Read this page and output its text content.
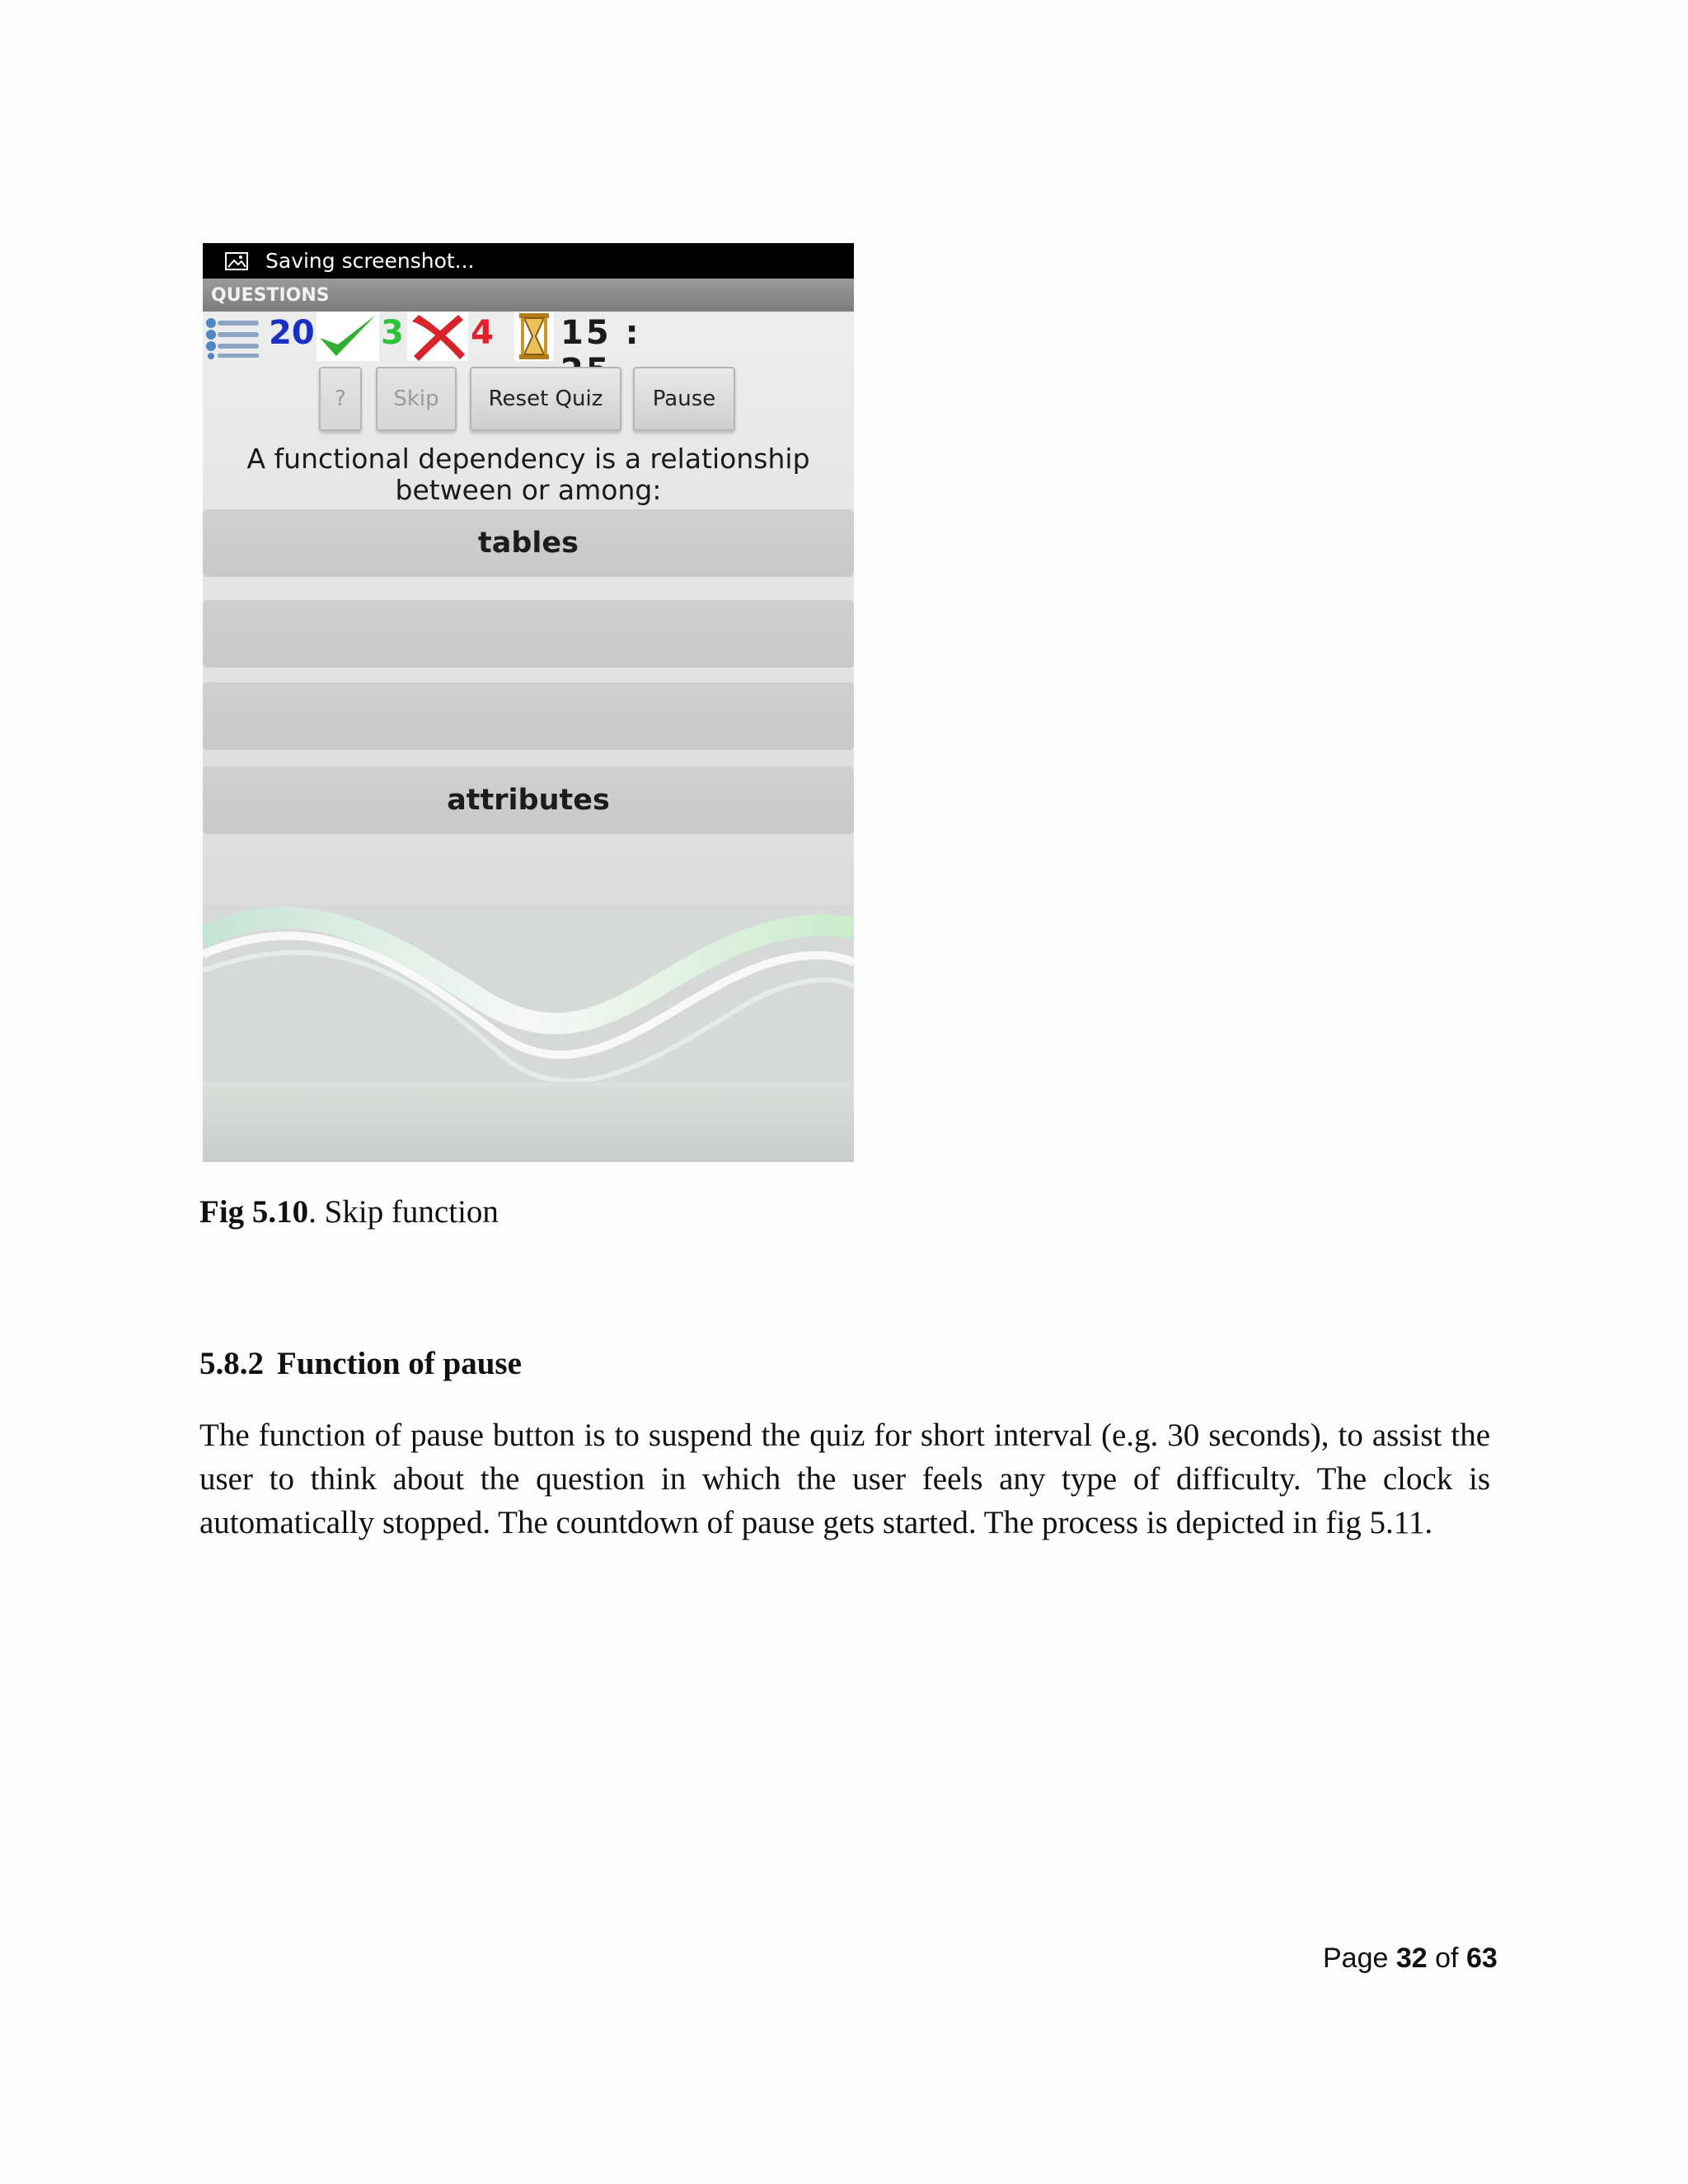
Saving screenshot...
QUESTIONS
20 3 4 15 :
?	Skip	Reset Quiz	Pause
A functional dependency is a relationship
between or among:
tables
attributes
Fig 5.10. Skip function
5.8.2 Function of pause
The function of pause button is to suspend the quiz for short interval (e.g. 30 seconds), to assist the user to think about the question in which the user feels any type of difficulty. The clock is automatically stopped. The countdown of pause gets started. The process is depicted in fig 5.11.
Page 32 of 63
